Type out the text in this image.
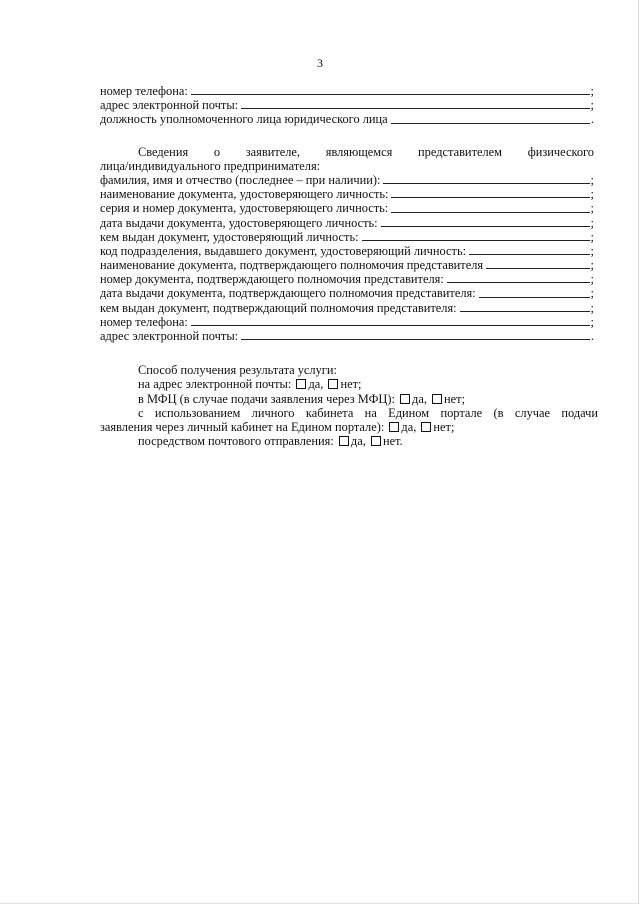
3
номер телефона:	;
адрес электронной почты:	;
должность уполномоченного лица юридического лица	.
Сведения о заявителе, являющемся представителем физического
лица/индивидуального предпринимателя:
фамилия, имя и отчество (последнее – при наличии):	;
наименование документа, удостоверяющего личность:	;
серия и номер документа, удостоверяющего личность:	;
дата выдачи документа, удостоверяющего личность:	;
кем выдан документ, удостоверяющий личность:	;
код подразделения, выдавшего документ, удостоверяющий личность:	;
наименование документа, подтверждающего полномочия представителя	;
номер документа, подтверждающего полномочия представителя:	;
дата выдачи документа, подтверждающего полномочия представителя:	;
кем выдан документ, подтверждающий полномочия представителя:	;
номер телефона:	;
адрес электронной почты:	.
Способ получения результата услуги:
на адрес электронной почты: да, нет;
в МФЦ (в случае подачи заявления через МФЦ): да, нет;
с использованием личного кабинета на Едином портале (в случае подачи
заявления через личный кабинет на Едином портале): да, нет;
посредством почтового отправления: да, нет.
